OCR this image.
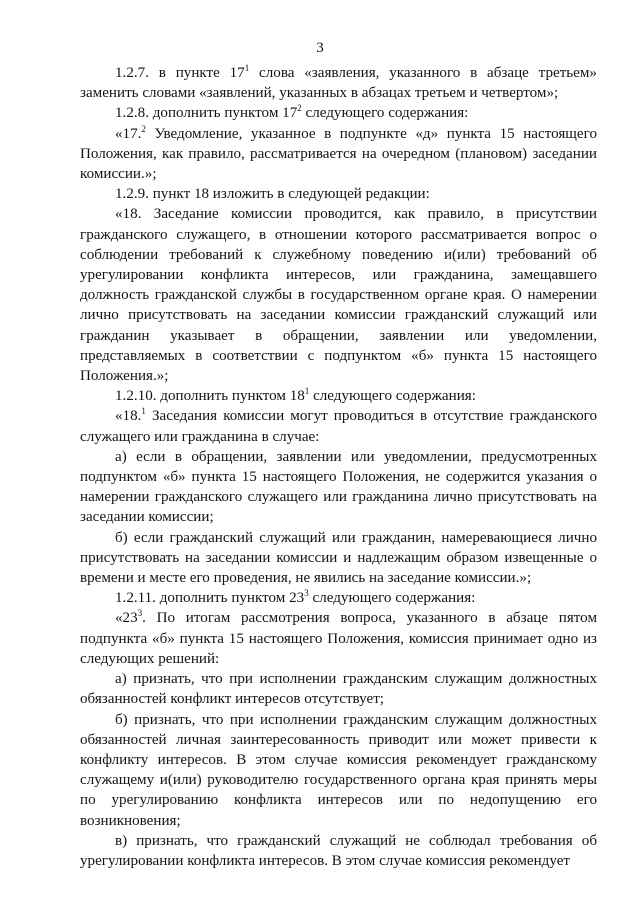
3

1.2.7. в пункте $17^1$ слова «заявления, указанного в абзаце третьем» заменить словами «заявлений, указанных в абзацах третьем и четвертом»;

1.2.8. дополнить пунктом $17^2$ следующего содержания:

«17.$^2$ Уведомление, указанное в подпункте «д» пункта 15 настоящего Положения, как правило, рассматривается на очередном (плановом) заседании комиссии.»;

1.2.9. пункт 18 изложить в следующей редакции:

«18. Заседание комиссии проводится, как правило, в присутствии гражданского служащего, в отношении которого рассматривается вопрос о соблюдении требований к служебному поведению и(или) требований об урегулировании конфликта интересов, или гражданина, замещавшего должность гражданской службы в государственном органе края. О намерении лично присутствовать на заседании комиссии гражданский служащий или гражданин указывает в обращении, заявлении или уведомлении, представляемых в соответствии с подпунктом «б» пункта 15 настоящего Положения.»;

1.2.10. дополнить пунктом $18^1$ следующего содержания:

«18.$^1$ Заседания комиссии могут проводиться в отсутствие гражданского служащего или гражданина в случае:

а) если в обращении, заявлении или уведомлении, предусмотренных подпунктом «б» пункта 15 настоящего Положения, не содержится указания о намерении гражданского служащего или гражданина лично присутствовать на заседании комиссии;

б) если гражданский служащий или гражданин, намеревающиеся лично присутствовать на заседании комиссии и надлежащим образом извещенные о времени и месте его проведения, не явились на заседание комиссии.»;

1.2.11. дополнить пунктом $23^3$ следующего содержания:

«$23^3$. По итогам рассмотрения вопроса, указанного в абзаце пятом подпункта «б» пункта 15 настоящего Положения, комиссия принимает одно из следующих решений:

а) признать, что при исполнении гражданским служащим должностных обязанностей конфликт интересов отсутствует;

б) признать, что при исполнении гражданским служащим должностных обязанностей личная заинтересованность приводит или может привести к конфликту интересов. В этом случае комиссия рекомендует гражданскому служащему и(или) руководителю государственного органа края принять меры по урегулированию конфликта интересов или по недопущению его возникновения;

в) признать, что гражданский служащий не соблюдал требования об урегулировании конфликта интересов. В этом случае комиссия рекомендует
